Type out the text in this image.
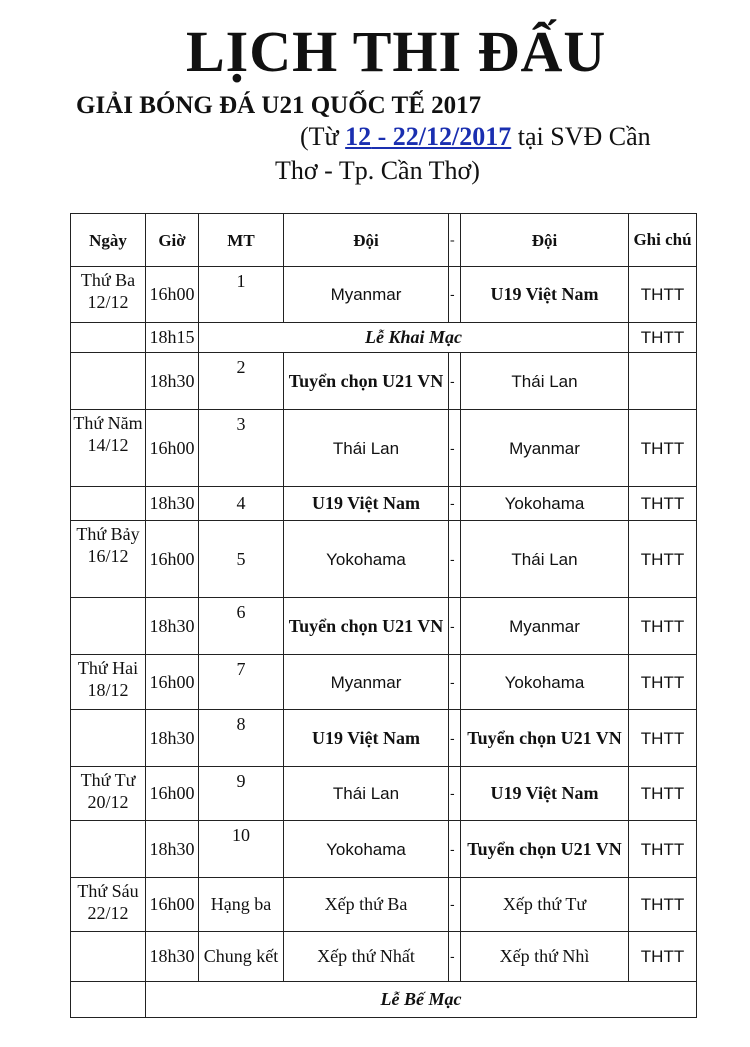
LỊCH THI ĐẤU
GIẢI BÓNG ĐÁ U21 QUỐC TẾ 2017
(Từ 12 - 22/12/2017 tại SVĐ Cần
Thơ - Tp. Cần Thơ)
Ngày	Giờ	MT	Đội	-	Đội	Ghi chú
Thứ Ba 12/12	16h00	1	Myanmar	-	U19 Việt Nam	THTT
	18h15	Lễ Khai Mạc				THTT
	18h30	2	Tuyển chọn U21 VN	-	Thái Lan	
Thứ Năm 14/12	16h00	3	Thái Lan	-	Myanmar	THTT
	18h30	4	U19 Việt Nam	-	Yokohama	THTT
Thứ Bảy 16/12	16h00	5	Yokohama	-	Thái Lan	THTT
	18h30	6	Tuyển chọn U21 VN	-	Myanmar	THTT
Thứ Hai 18/12	16h00	7	Myanmar	-	Yokohama	THTT
	18h30	8	U19 Việt Nam	-	Tuyển chọn U21 VN	THTT
Thứ Tư 20/12	16h00	9	Thái Lan	-	U19 Việt Nam	THTT
	18h30	10	Yokohama	-	Tuyển chọn U21 VN	THTT
Thứ Sáu 22/12	16h00	Hạng ba	Xếp thứ Ba	-	Xếp thứ Tư	THTT
	18h30	Chung kết	Xếp thứ Nhất	-	Xếp thứ Nhì	THTT
	Lễ Bế Mạc					
